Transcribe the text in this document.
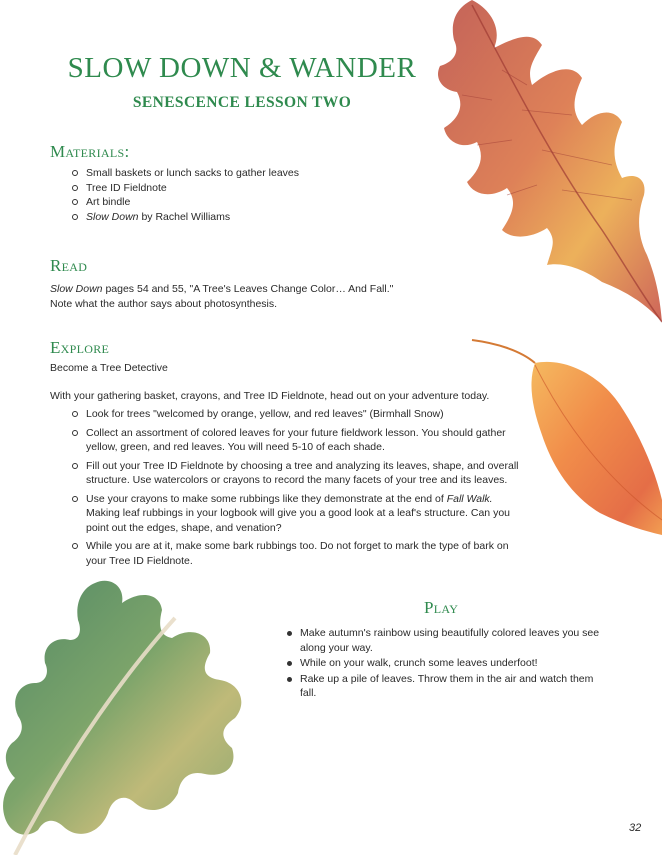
SLOW DOWN & WANDER
SENESCENCE LESSON TWO
Materials:
Small baskets or lunch sacks to gather leaves
Tree ID Fieldnote
Art bindle
Slow Down by Rachel Williams
Read
Slow Down pages 54 and 55, "A Tree's Leaves Change Color… And Fall."
Note what the author says about photosynthesis.
Explore
Become a Tree Detective
With your gathering basket, crayons, and Tree ID Fieldnote, head out on your adventure today.
Look for trees "welcomed by orange, yellow, and red leaves" (Birmhall Snow)
Collect an assortment of colored leaves for your future fieldwork lesson. You should gather yellow, green, and red leaves. You will need 5-10 of each shade.
Fill out your Tree ID Fieldnote by choosing a tree and analyzing its leaves, shape, and overall structure. Use watercolors or crayons to record the many facets of your tree and its leaves.
Use your crayons to make some rubbings like they demonstrate at the end of Fall Walk. Making leaf rubbings in your logbook will give you a good look at a leaf's structure. Can you point out the edges, shape, and venation?
While you are at it, make some bark rubbings too. Do not forget to mark the type of bark on your Tree ID Fieldnote.
Play
Make autumn's rainbow using beautifully colored leaves you see along your way.
While on your walk, crunch some leaves underfoot!
Rake up a pile of leaves. Throw them in the air and watch them fall.
32
